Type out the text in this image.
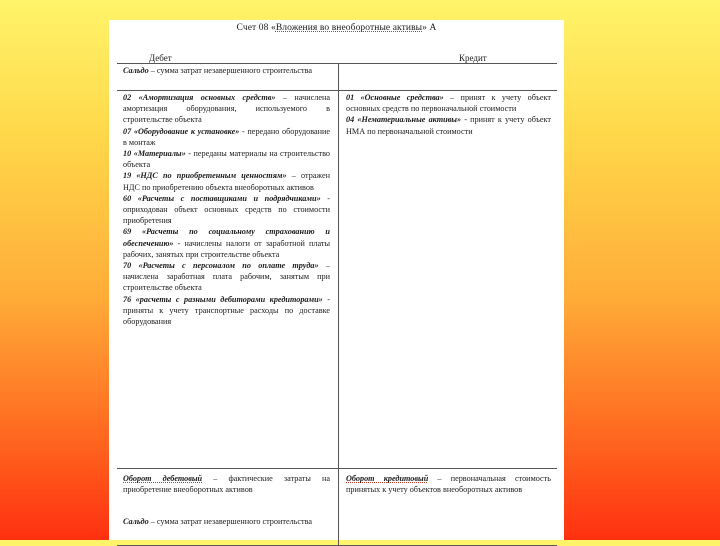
Счет 08 «Вложения во внеоборотные активы» А
Дебет	Кредит

Сальдо – сумма затрат незавершенного строительства

02 «Амортизация основных средств» – начислена амортизация оборудования, используемого в строительстве объекта

07 «Оборудование к установке» - передано оборудование в монтаж

10 «Материалы» - переданы материалы на строительство объекта

19 «НДС по приобретенным ценностям» – отражен НДС по приобретению объекта внеоборотных активов

60 «Расчеты с поставщиками и подрядчиками» - оприходован объект основных средств по стоимости приобретения

69 «Расчеты по социальному страхованию и обеспечению» - начислены налоги от заработной платы рабочих, занятых при строительстве объекта

70 «Расчеты с персоналом по оплате труда» – начислена заработная плата рабочим, занятым при строительстве объекта

76 «расчеты с разными дебиторами кредиторами» - приняты к учету транспортные расходы по доставке оборудования

01 «Основные средства» – принят к учету объект основных средств по первоначальной стоимости

04 «Нематериальные активы» - принят к учету объект НМА по первоначальной стоимости

Оборот дебетовый – фактические затраты на приобретение внеоборотных активов

Сальдо – сумма затрат незавершенного строительства

Оборот кредитовый – первоначальная стоимость принятых к учету объектов внеоборотных активов
